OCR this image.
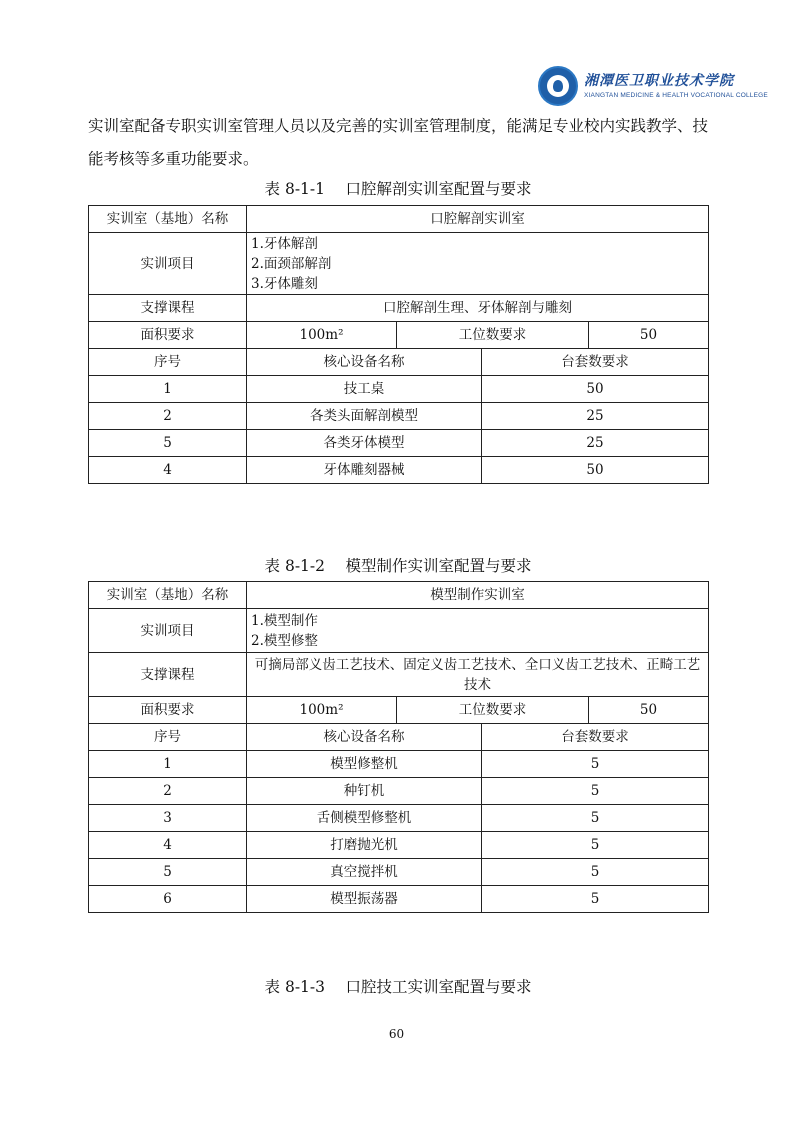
湘潭医卫职业技术学院
XIANGTAN MEDICINE & HEALTH VOCATIONAL COLLEGE
实训室配备专职实训室管理人员以及完善的实训室管理制度，能满足专业校内实践教学、技能考核等多重功能要求。
表 8-1-1　 口腔解剖实训室配置与要求
实训室（基地）名称	口腔解剖实训室			
实训项目	1.牙体解剖
2.面颈部解剖
3.牙体雕刻			

支撑课程	口腔解剖生理、牙体解剖与雕刻			
面积要求	100m²	工位数要求		50
序号	核心设备名称		台套数要求	
1	技工桌		50	
2	各类头面解剖模型		25	
5	各类牙体模型		25	
4	牙体雕刻器械		50	
表 8-1-2　 模型制作实训室配置与要求
实训室（基地）名称	模型制作实训室			
实训项目	1.模型制作
2.模型修整			

支撑课程	可摘局部义齿工艺技术、固定义齿工艺技术、全口义齿工艺技术、正畸工艺技术			
面积要求	100m²	工位数要求		50
序号	核心设备名称		台套数要求	
1	模型修整机		5	
2	种钉机		5	
3	舌侧模型修整机		5	
4	打磨抛光机		5	
5	真空搅拌机		5	
6	模型振荡器		5	
表 8-1-3　 口腔技工实训室配置与要求
60
